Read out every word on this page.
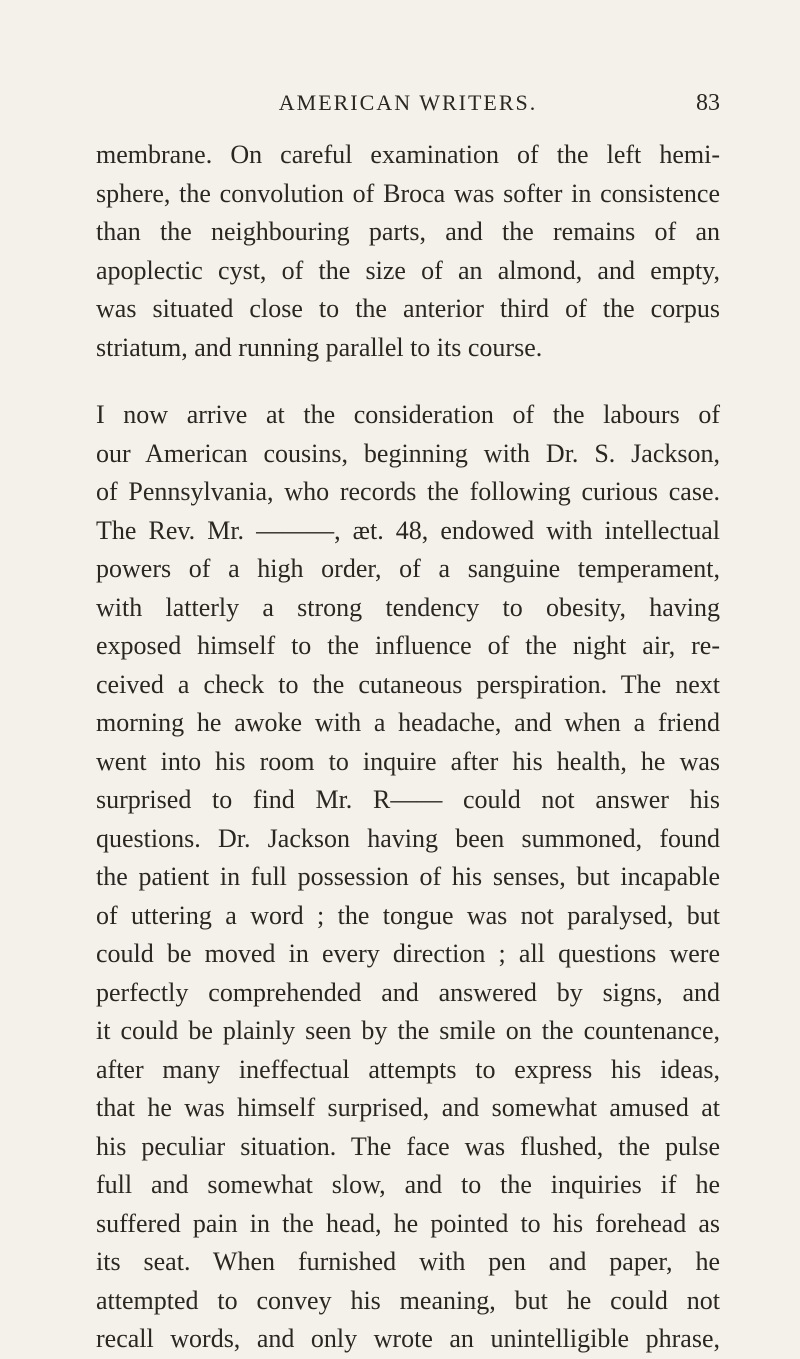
AMERICAN WRITERS.	83

membrane. On careful examination of the left hemi-
sphere, the convolution of Broca was softer in consistence
than the neighbouring parts, and the remains of an
apoplectic cyst, of the size of an almond, and empty,
was situated close to the anterior third of the corpus
striatum, and running parallel to its course.

I now arrive at the consideration of the labours of
our American cousins, beginning with Dr. S. Jackson,
of Pennsylvania, who records the following curious case.
The Rev. Mr. ———, æt. 48, endowed with intellectual
powers of a high order, of a sanguine temperament,
with latterly a strong tendency to obesity, having
exposed himself to the influence of the night air, re-
ceived a check to the cutaneous perspiration. The next
morning he awoke with a headache, and when a friend
went into his room to inquire after his health, he was
surprised to find Mr. R—— could not answer his
questions. Dr. Jackson having been summoned, found
the patient in full possession of his senses, but incapable
of uttering a word ; the tongue was not paralysed, but
could be moved in every direction ; all questions were
perfectly comprehended and answered by signs, and
it could be plainly seen by the smile on the countenance,
after many ineffectual attempts to express his ideas,
that he was himself surprised, and somewhat amused at
his peculiar situation. The face was flushed, the pulse
full and somewhat slow, and to the inquiries if he
suffered pain in the head, he pointed to his forehead as
its seat. When furnished with pen and paper, he
attempted to convey his meaning, but he could not
recall words, and only wrote an unintelligible phrase,
